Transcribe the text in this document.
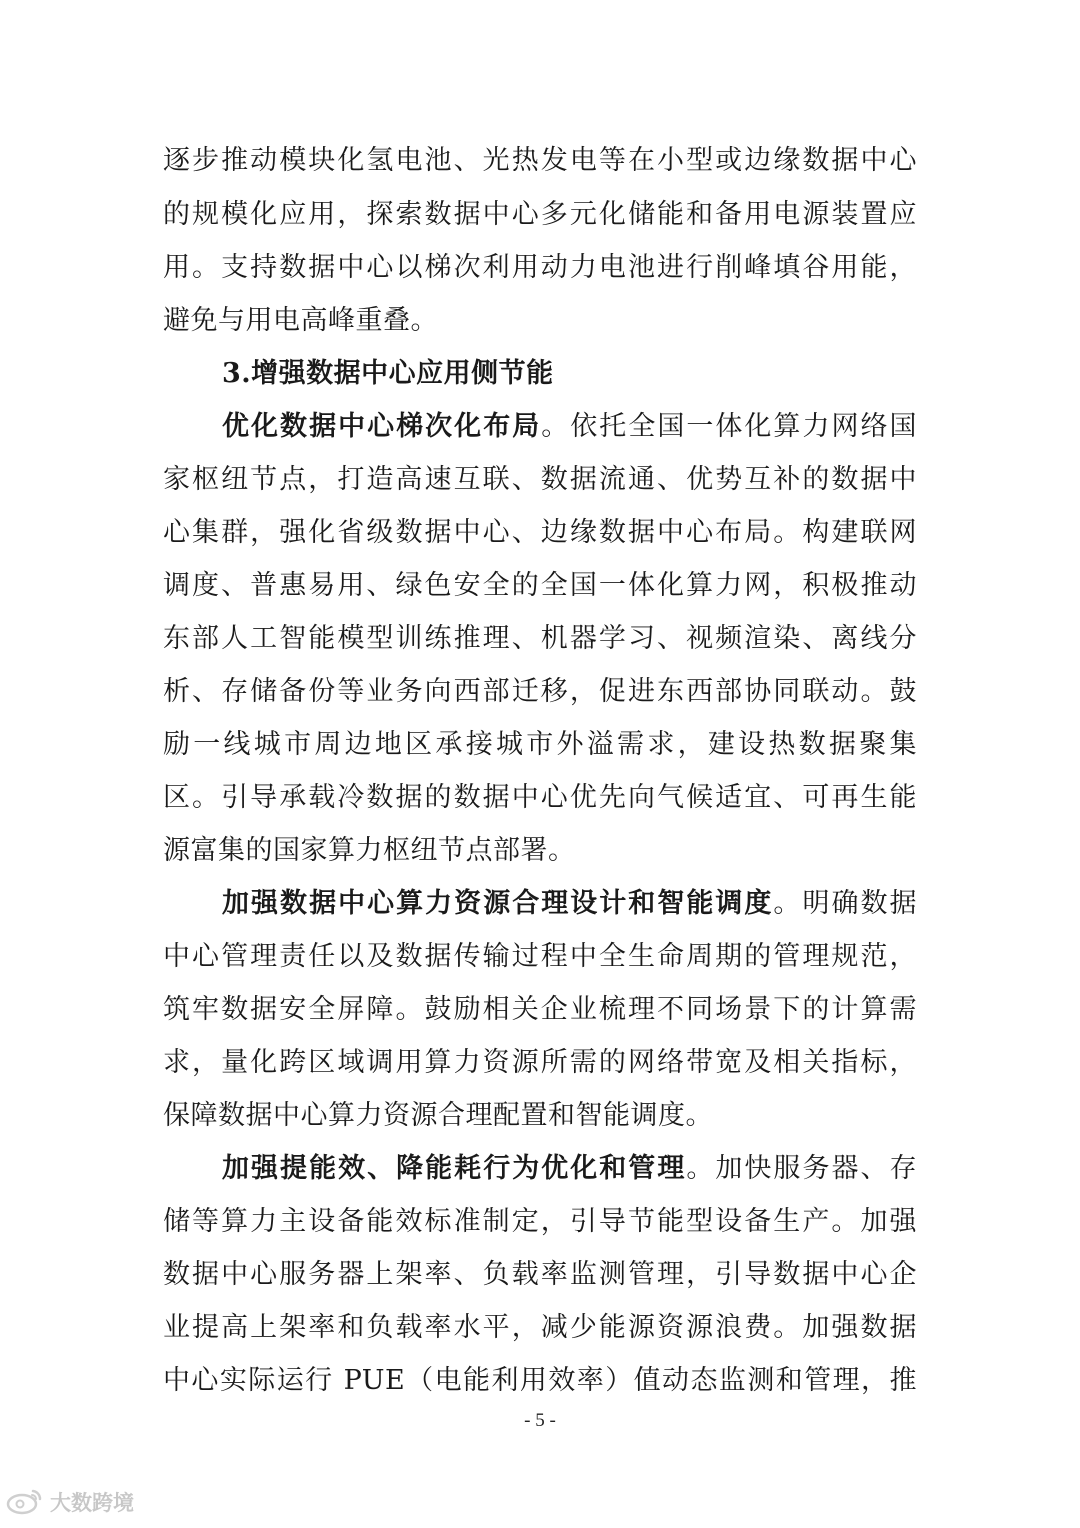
逐步推动模块化氢电池、光热发电等在小型或边缘数据中心
的规模化应用，探索数据中心多元化储能和备用电源装置应
用。支持数据中心以梯次利用动力电池进行削峰填谷用能，
避免与用电高峰重叠。
3.增强数据中心应用侧节能
优化数据中心梯次化布局。依托全国一体化算力网络国
家枢纽节点，打造高速互联、数据流通、优势互补的数据中
心集群，强化省级数据中心、边缘数据中心布局。构建联网
调度、普惠易用、绿色安全的全国一体化算力网，积极推动
东部人工智能模型训练推理、机器学习、视频渲染、离线分
析、存储备份等业务向西部迁移，促进东西部协同联动。鼓
励一线城市周边地区承接城市外溢需求，建设热数据聚集
区。引导承载冷数据的数据中心优先向气候适宜、可再生能
源富集的国家算力枢纽节点部署。
加强数据中心算力资源合理设计和智能调度。明确数据
中心管理责任以及数据传输过程中全生命周期的管理规范，
筑牢数据安全屏障。鼓励相关企业梳理不同场景下的计算需
求，量化跨区域调用算力资源所需的网络带宽及相关指标，
保障数据中心算力资源合理配置和智能调度。
加强提能效、降能耗行为优化和管理。加快服务器、存
储等算力主设备能效标准制定，引导节能型设备生产。加强
数据中心服务器上架率、负载率监测管理，引导数据中心企
业提高上架率和负载率水平，减少能源资源浪费。加强数据
中心实际运行 PUE（电能利用效率）值动态监测和管理，推
- 5 -
大数跨境
